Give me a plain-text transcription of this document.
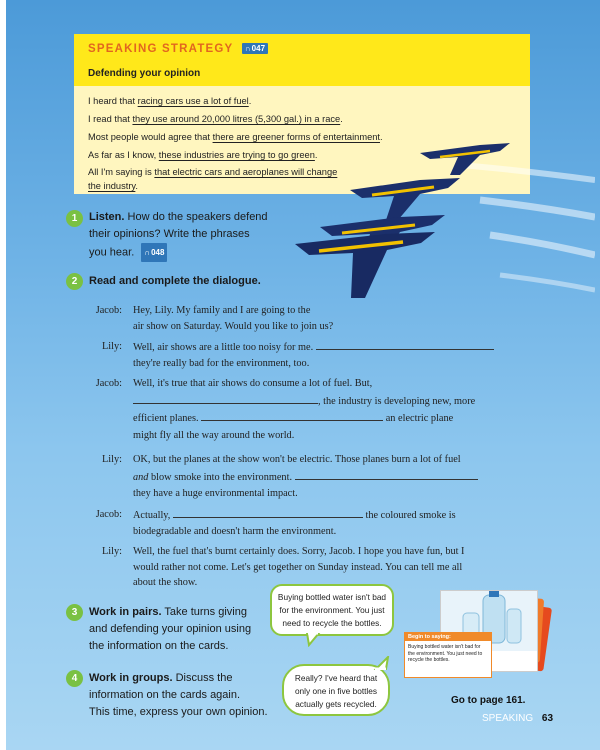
SPEAKING STRATEGY ∩047
Defending your opinion
I heard that racing cars use a lot of fuel.
I read that they use around 20,000 litres (5,300 gal.) in a race.
Most people would agree that there are greener forms of entertainment.
As far as I know, these industries are trying to go green.
All I'm saying is that electric cars and aeroplanes will change
the industry.
1	Listen. How do the speakers defend
their opinions? Write the phrases
you hear. ∩048
2	Read and complete the dialogue.
Jacob: Hey, Lily. My family and I are going to the
air show on Saturday. Would you like to join us?
Lily: Well, air shows are a little too noisy for me.
they're really bad for the environment, too.
Jacob: Well, it's true that air shows do consume a lot of fuel. But,
, the industry is developing new, more
efficient planes.	an electric plane
might fly all the way around the world.
Lily: OK, but the planes at the show won't be electric. Those planes burn a lot of fuel
and blow smoke into the environment.
they have a huge environmental impact.
Jacob: Actually,	the coloured smoke is
biodegradable and doesn't harm the environment.
Lily: Well, the fuel that's burnt certainly does. Sorry, Jacob. I hope you have fun, but I
would rather not come. Let's get together on Sunday instead. You can tell me all
about the show.
3	Work in pairs. Take turns giving
and defending your opinion using
the information on the cards.
4	Work in groups. Discuss the
information on the cards again.
This time, express your own opinion.
Buying bottled water isn't bad
for the environment. You just
need to recycle the bottles.
Really? I've heard that
only one in five bottles
actually gets recycled.
Begin to saying:
Buying bottled water isn't bad for
the environment. You just need to
recycle the bottles.
Go to page 161.
SPEAKING 63
